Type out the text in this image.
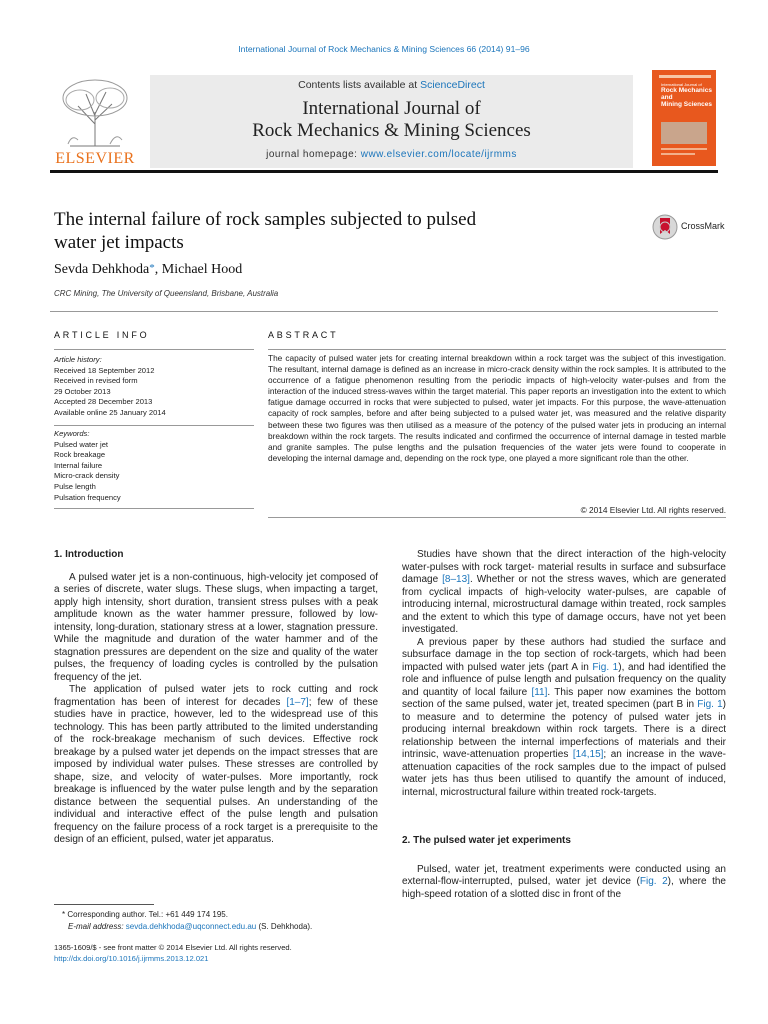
International Journal of Rock Mechanics & Mining Sciences 66 (2014) 91–96
ELSEVIER
Contents lists available at ScienceDirect
International Journal of
Rock Mechanics & Mining Sciences
journal homepage: www.elsevier.com/locate/ijrmms
International Journal of
Rock Mechanics
and
Mining Sciences
The internal failure of rock samples subjected to pulsed
water jet impacts
CrossMark
Sevda Dehkhoda*, Michael Hood
CRC Mining, The University of Queensland, Brisbane, Australia
ARTICLE INFO	ABSTRACT
Article history:
Received 18 September 2012
Received in revised form
29 October 2013
Accepted 28 December 2013
Available online 25 January 2014
Keywords:
Pulsed water jet
Rock breakage
Internal failure
Micro-crack density
Pulse length
Pulsation frequency
The capacity of pulsed water jets for creating internal breakdown within a rock target was the subject of this investigation. The resultant, internal damage is defined as an increase in micro-crack density within the rock samples. It is attributed to the occurrence of a fatigue phenomenon resulting from the periodic impacts of high-velocity water-pulses and from the interaction of the induced stress-waves within the target material. This paper reports an investigation into the extent to which fatigue damage occurred in rocks that were subjected to pulsed, water jet impacts. For this purpose, the wave-attenuation capacity of rock samples, before and after being subjected to a pulsed water jet, was measured and the relative disparity between these two figures was then utilised as a measure of the potency of the pulsed water jets in producing an internal breakdown within the rock targets. The results indicated and confirmed the occurrence of internal damage in tested marble and granite samples. The pulse lengths and the pulsation frequencies of the water jets were found to cooperate in developing the internal damage and, depending on the rock type, one played a more significant role than the other.
© 2014 Elsevier Ltd. All rights reserved.
1. Introduction

A pulsed water jet is a non-continuous, high-velocity jet composed of a series of discrete, water slugs. These slugs, when impacting a target, apply high intensity, short duration, transient stress pulses with a peak amplitude known as the water hammer pressure, followed by low-intensity, long-duration, stationary stress at a lower, stagnation pressure. While the magnitude and duration of the water hammer and of the stagnation pressures are dependent on the size and quality of the water pulses, the frequency of loading cycles is controlled by the pulsation frequency of the jet.

The application of pulsed water jets to rock cutting and rock fragmentation has been of interest for decades [1–7]; few of these studies have in practice, however, led to the widespread use of this technology. This has been partly attributed to the limited understanding of the rock-breakage mechanism of such devices. Effective rock breakage by a pulsed water jet depends on the impact stresses that are imposed by individual water pulses. These stresses are controlled by shape, size, and velocity of water-pulses. More importantly, rock breakage is influenced by the water pulse length and by the separation distance between the sequential pulses. An understanding of the individual and interactive effect of the pulse length and pulsation frequency on the failure process of a rock target is a prerequisite to the design of an efficient, pulsed, water jet apparatus.

* Corresponding author. Tel.: +61 449 174 195.
E-mail address: sevda.dehkhoda@uqconnect.edu.au (S. Dehkhoda).
1365-1609/$ - see front matter © 2014 Elsevier Ltd. All rights reserved.
http://dx.doi.org/10.1016/j.ijrmms.2013.12.021

Studies have shown that the direct interaction of the high-velocity water-pulses with rock target- material results in surface and subsurface damage [8–13]. Whether or not the stress waves, which are generated from cyclical impacts of high-velocity water-pulses, are capable of introducing internal, microstructural damage within treated, rock samples and the extent to which this type of damage occurs, have not yet been investigated.

A previous paper by these authors had studied the surface and subsurface damage in the top section of rock-targets, which had been impacted with pulsed water jets (part A in Fig. 1), and had identified the role and influence of pulse length and pulsation frequency on the quality and quantity of local failure [11]. This paper now examines the bottom section of the same pulsed, water jet, treated specimen (part B in Fig. 1) to measure and to determine the potency of pulsed water jets in producing internal breakdown within rock targets. There is a direct relationship between the internal imperfections of materials and their intrinsic, wave-attenuation properties [14,15]; an increase in the wave-attenuation capacities of the rock samples due to the impact of pulsed water jets has thus been utilised to quantify the amount of induced, internal, microstructural failure within treated rock-targets.

2. The pulsed water jet experiments

Pulsed, water jet, treatment experiments were conducted using an external-flow-interrupted, pulsed, water jet device (Fig. 2), where the high-speed rotation of a slotted disc in front of the
